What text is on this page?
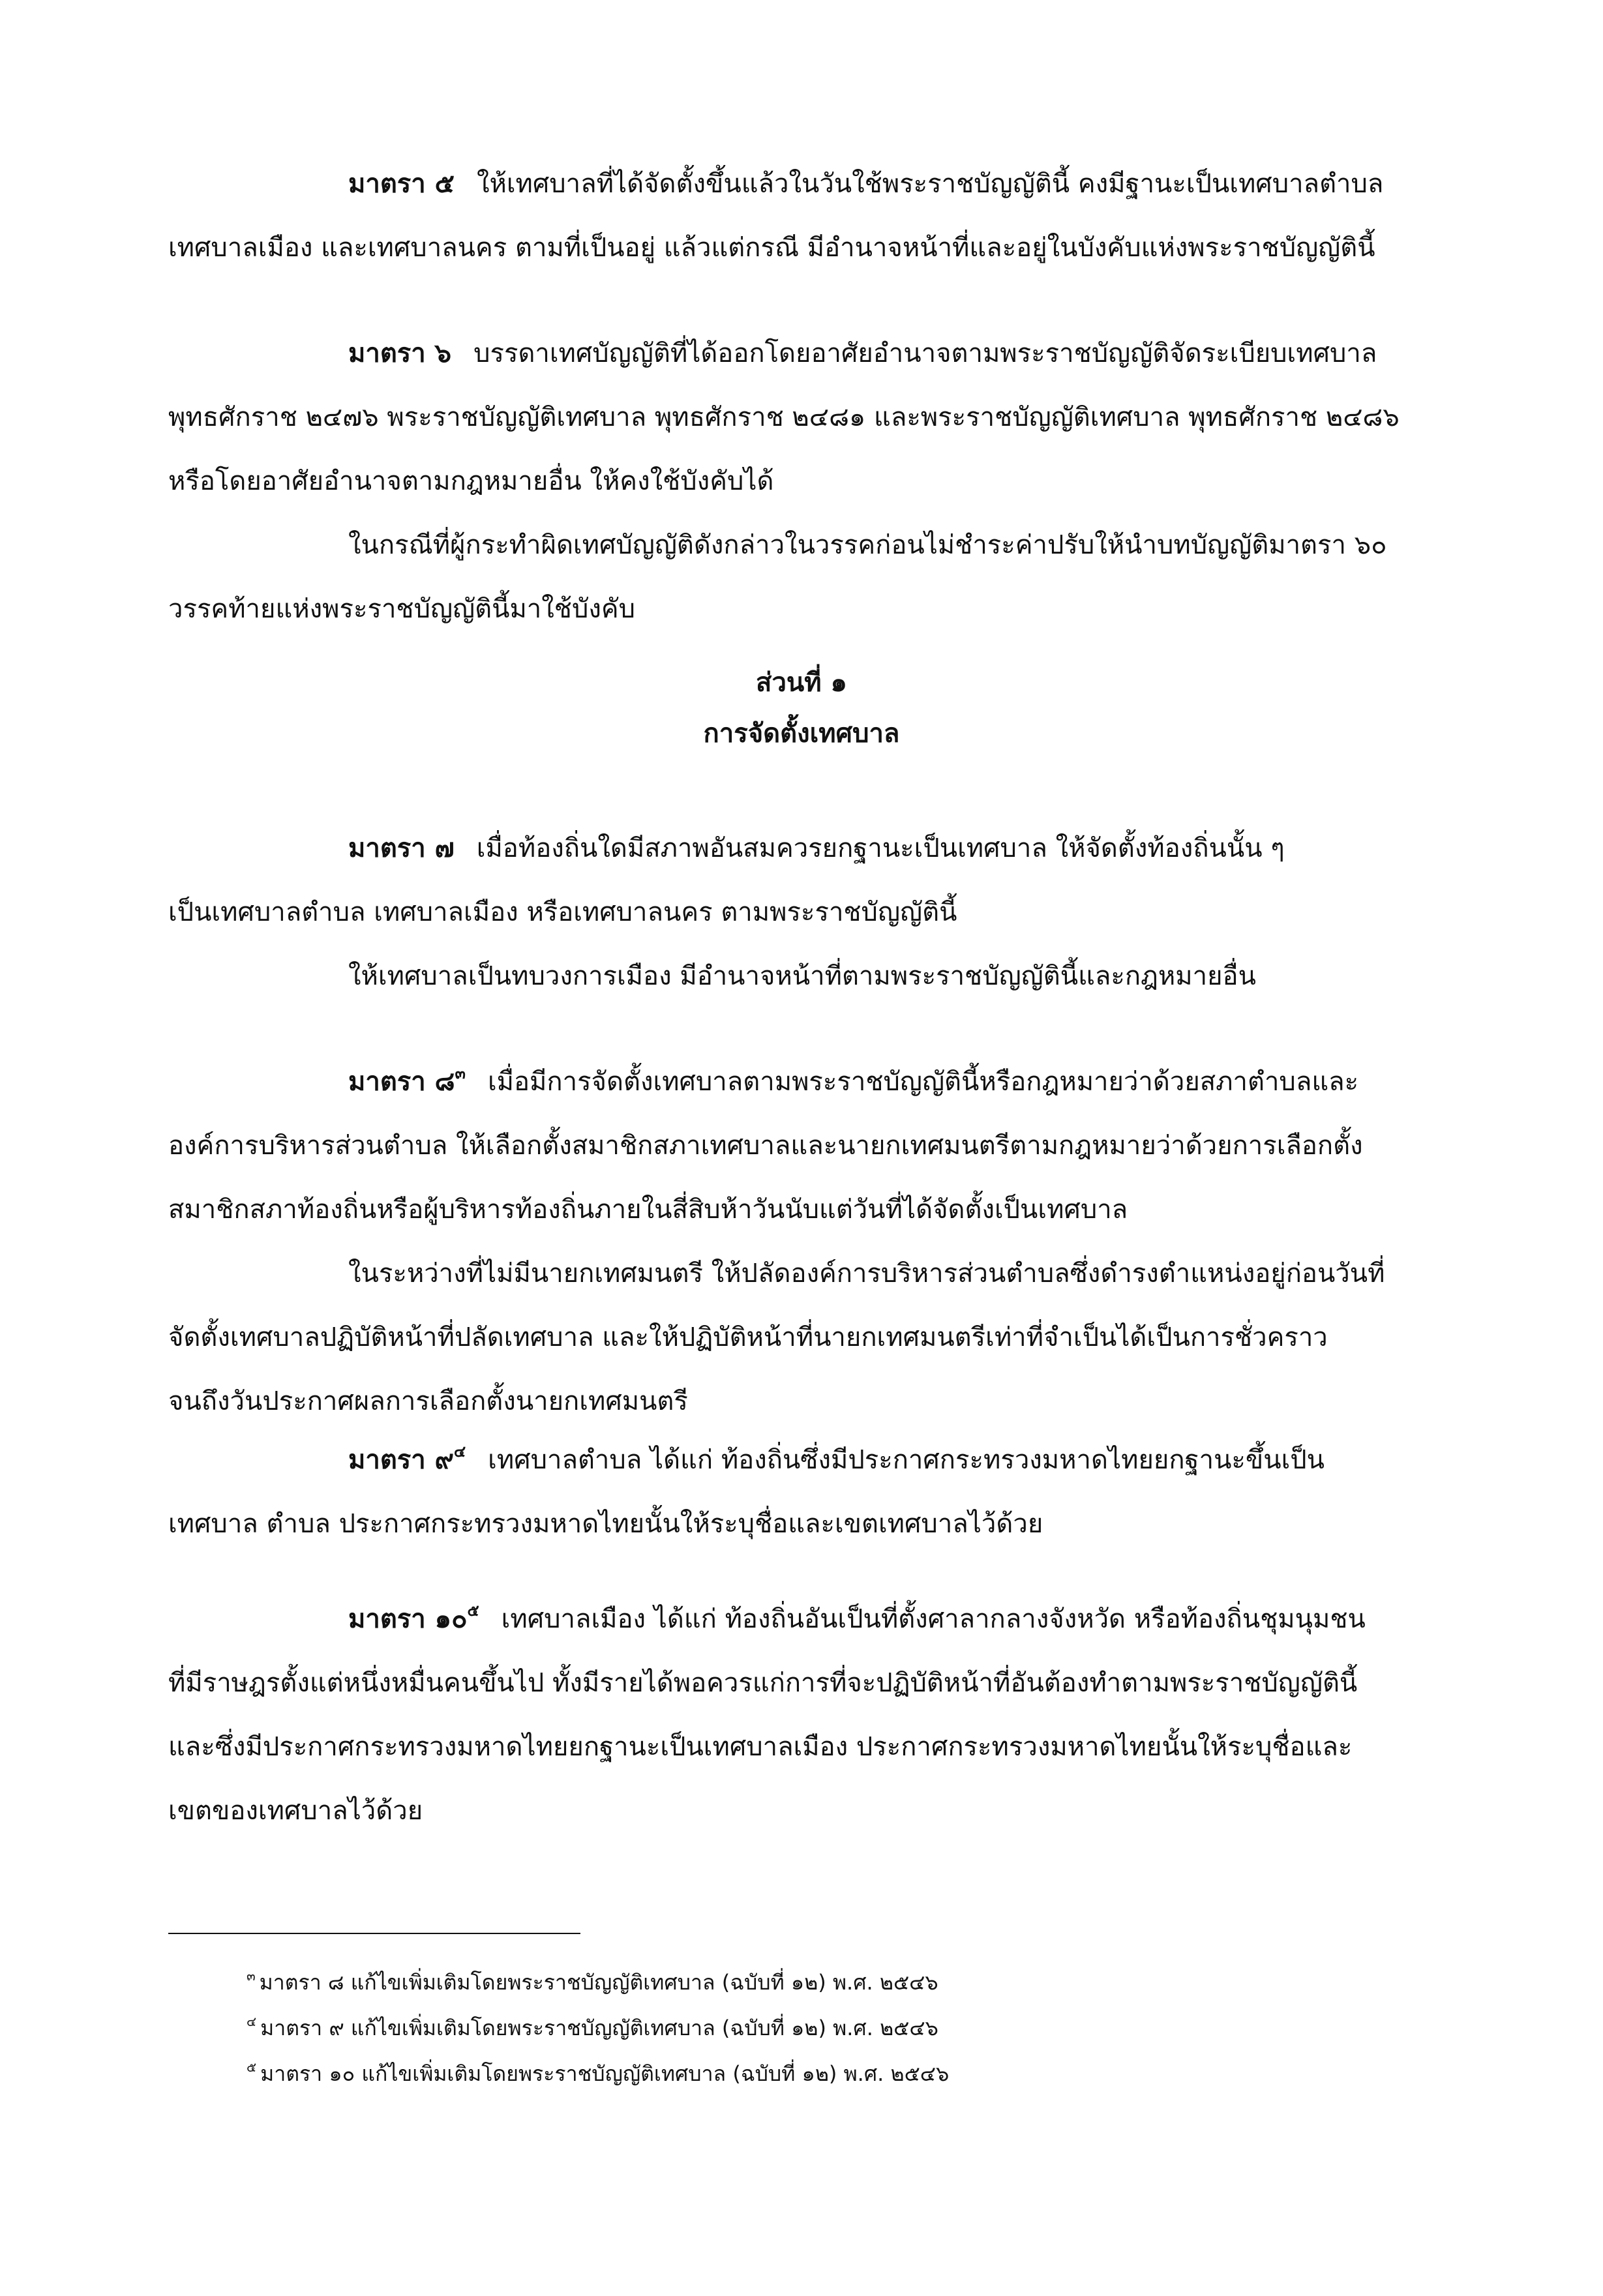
มาตรา ๕ ให้เทศบาลที่ได้จัดตั้งขึ้นแล้วในวันใช้พระราชบัญญัตินี้ คงมีฐานะเป็นเทศบาลตำบล
เทศบาลเมือง และเทศบาลนคร ตามที่เป็นอยู่ แล้วแต่กรณี มีอำนาจหน้าที่และอยู่ในบังคับแห่งพระราชบัญญัตินี้
มาตรา ๖ บรรดาเทศบัญญัติที่ได้ออกโดยอาศัยอำนาจตามพระราชบัญญัติจัดระเบียบเทศบาล
พุทธศักราช ๒๔๗๖ พระราชบัญญัติเทศบาล พุทธศักราช ๒๔๘๑ และพระราชบัญญัติเทศบาล พุทธศักราช ๒๔๘๖
หรือโดยอาศัยอำนาจตามกฎหมายอื่น ให้คงใช้บังคับได้
ในกรณีที่ผู้กระทำผิดเทศบัญญัติดังกล่าวในวรรคก่อนไม่ชำระค่าปรับให้นำบทบัญญัติมาตรา ๖๐
วรรคท้ายแห่งพระราชบัญญัตินี้มาใช้บังคับ
ส่วนที่ ๑
การจัดตั้งเทศบาล
มาตรา ๗ เมื่อท้องถิ่นใดมีสภาพอันสมควรยกฐานะเป็นเทศบาล ให้จัดตั้งท้องถิ่นนั้น ๆ
เป็นเทศบาลตำบล เทศบาลเมือง หรือเทศบาลนคร ตามพระราชบัญญัตินี้
ให้เทศบาลเป็นทบวงการเมือง มีอำนาจหน้าที่ตามพระราชบัญญัตินี้และกฎหมายอื่น
มาตรา ๘$^๓$ เมื่อมีการจัดตั้งเทศบาลตามพระราชบัญญัตินี้หรือกฎหมายว่าด้วยสภาตำบลและ
องค์การบริหารส่วนตำบล ให้เลือกตั้งสมาชิกสภาเทศบาลและนายกเทศมนตรีตามกฎหมายว่าด้วยการเลือกตั้ง
สมาชิกสภาท้องถิ่นหรือผู้บริหารท้องถิ่นภายในสี่สิบห้าวันนับแต่วันที่ได้จัดตั้งเป็นเทศบาล
ในระหว่างที่ไม่มีนายกเทศมนตรี ให้ปลัดองค์การบริหารส่วนตำบลซึ่งดำรงตำแหน่งอยู่ก่อนวันที่
จัดตั้งเทศบาลปฏิบัติหน้าที่ปลัดเทศบาล และให้ปฏิบัติหน้าที่นายกเทศมนตรีเท่าที่จำเป็นได้เป็นการชั่วคราว
จนถึงวันประกาศผลการเลือกตั้งนายกเทศมนตรี
มาตรา ๙$^๔$ เทศบาลตำบล ได้แก่ ท้องถิ่นซึ่งมีประกาศกระทรวงมหาดไทยยกฐานะขึ้นเป็น
เทศบาล ตำบล ประกาศกระทรวงมหาดไทยนั้นให้ระบุชื่อและเขตเทศบาลไว้ด้วย
มาตรา ๑๐$^๕$ เทศบาลเมือง ได้แก่ ท้องถิ่นอันเป็นที่ตั้งศาลากลางจังหวัด หรือท้องถิ่นชุมนุมชน
ที่มีราษฎรตั้งแต่หนึ่งหมื่นคนขึ้นไป ทั้งมีรายได้พอควรแก่การที่จะปฏิบัติหน้าที่อันต้องทำตามพระราชบัญญัตินี้
และซึ่งมีประกาศกระทรวงมหาดไทยยกฐานะเป็นเทศบาลเมือง ประกาศกระทรวงมหาดไทยนั้นให้ระบุชื่อและ
เขตของเทศบาลไว้ด้วย
$^๓$ มาตรา ๘ แก้ไขเพิ่มเติมโดยพระราชบัญญัติเทศบาล (ฉบับที่ ๑๒) พ.ศ. ๒๕๔๖
$^๔$ มาตรา ๙ แก้ไขเพิ่มเติมโดยพระราชบัญญัติเทศบาล (ฉบับที่ ๑๒) พ.ศ. ๒๕๔๖
$^๕$ มาตรา ๑๐ แก้ไขเพิ่มเติมโดยพระราชบัญญัติเทศบาล (ฉบับที่ ๑๒) พ.ศ. ๒๕๔๖
